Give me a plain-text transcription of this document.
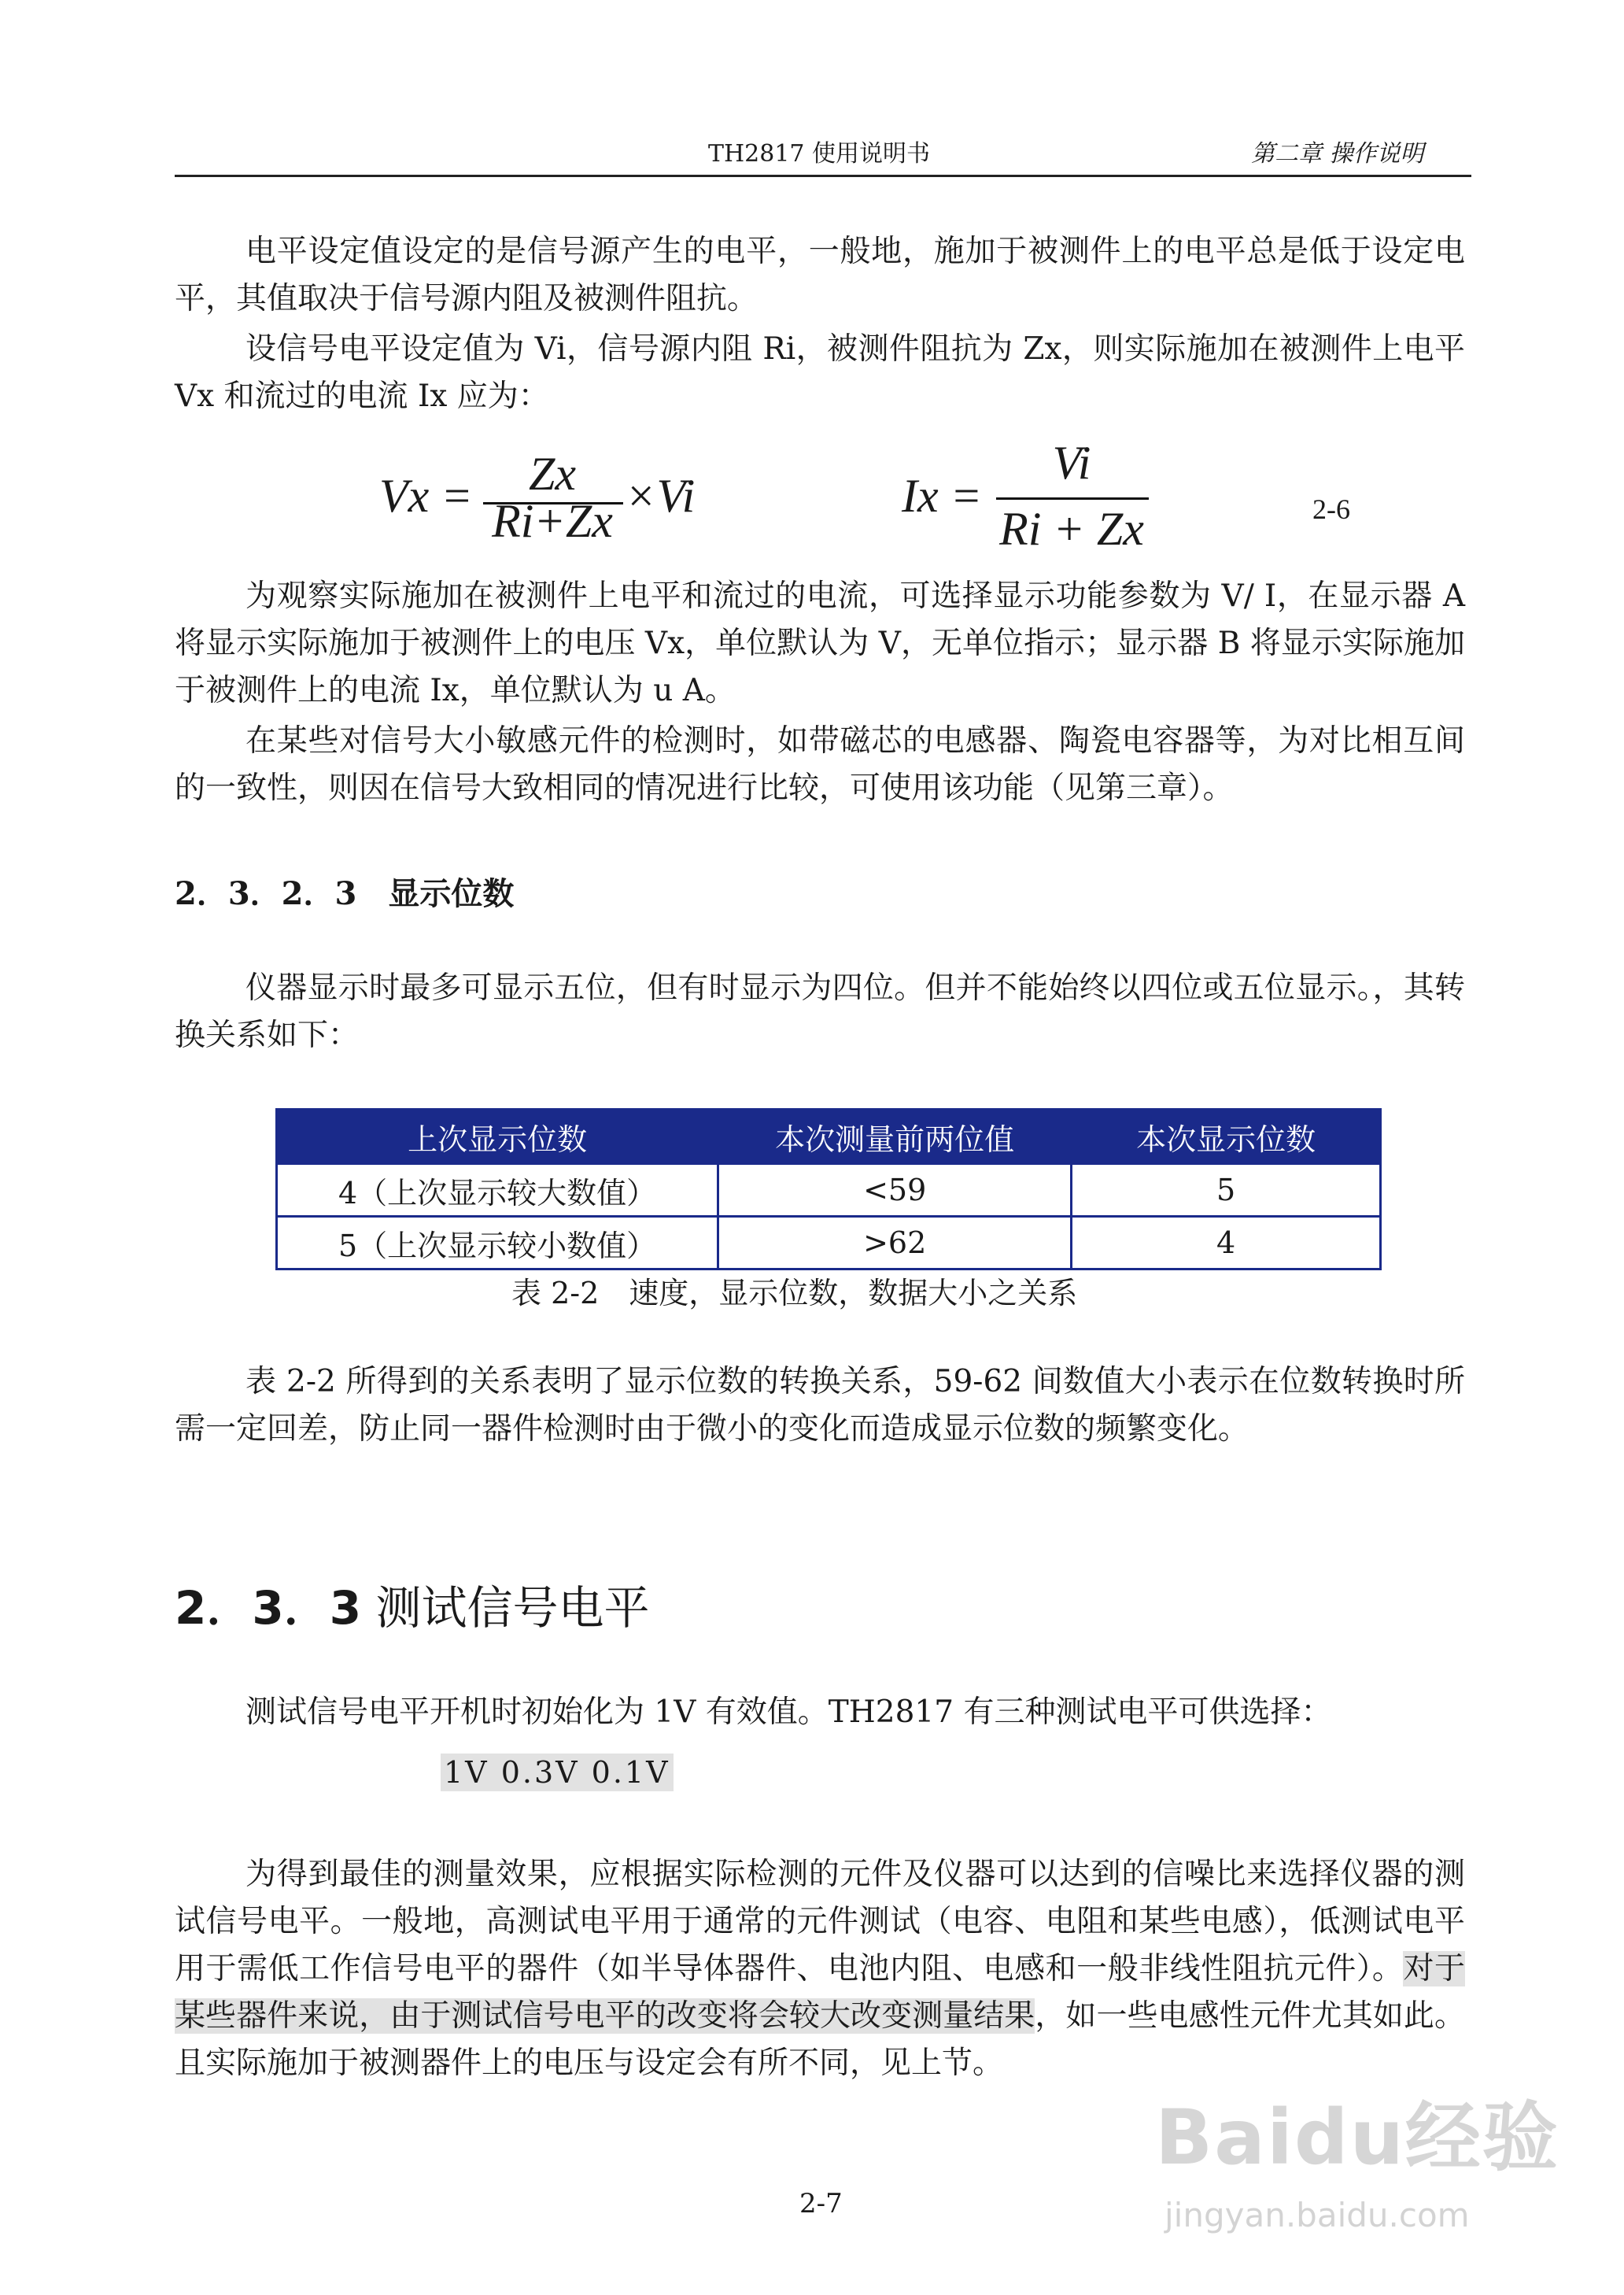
TH2817 使用说明书	第二章 操作说明

电平设定值设定的是信号源产生的电平，一般地，施加于被测件上的电平总是低于设定电平，其值取决于信号源内阻及被测件阻抗。

设信号电平设定值为 Vi，信号源内阻 Ri，被测件阻抗为 Zx，则实际施加在被测件上电平 Vx 和流过的电流 Ix 应为：

Vx =	Zx
Ri+Zx ×Vi	Ix =
Vi
Ri + Zx	2-6

为观察实际施加在被测件上电平和流过的电流，可选择显示功能参数为 V/ I，在显示器 A 将显示实际施加于被测件上的电压 Vx，单位默认为 V，无单位指示；显示器 B 将显示实际施加于被测件上的电流 Ix，单位默认为 u A。

在某些对信号大小敏感元件的检测时，如带磁芯的电感器、陶瓷电容器等，为对比相互间的一致性，则因在信号大致相同的情况进行比较，可使用该功能（见第三章）。

2．3．2．3　显示位数

仪器显示时最多可显示五位，但有时显示为四位。但并不能始终以四位或五位显示。，其转换关系如下：

上次显示位数	本次测量前两位值	本次显示位数
4（上次显示较大数值）	<59	5
5（上次显示较小数值）	>62	4
表 2-2　速度，显示位数，数据大小之关系

表 2-2 所得到的关系表明了显示位数的转换关系，59-62 间数值大小表示在位数转换时所需一定回差，防止同一器件检测时由于微小的变化而造成显示位数的频繁变化。

2．3．3 测试信号电平

测试信号电平开机时初始化为 1V 有效值。TH2817 有三种测试电平可供选择：

1V 0.3V 0.1V

为得到最佳的测量效果，应根据实际检测的元件及仪器可以达到的信噪比来选择仪器的测试信号电平。一般地，高测试电平用于通常的元件测试（电容、电阻和某些电感），低测试电平用于需低工作信号电平的器件（如半导体器件、电池内阻、电感和一般非线性阻抗元件）。对于某些器件来说，由于测试信号电平的改变将会较大改变测量结果，如一些电感性元件尤其如此。且实际施加于被测器件上的电压与设定会有所不同，见上节。

2-7
Baidu经验
jingyan.baidu.com
